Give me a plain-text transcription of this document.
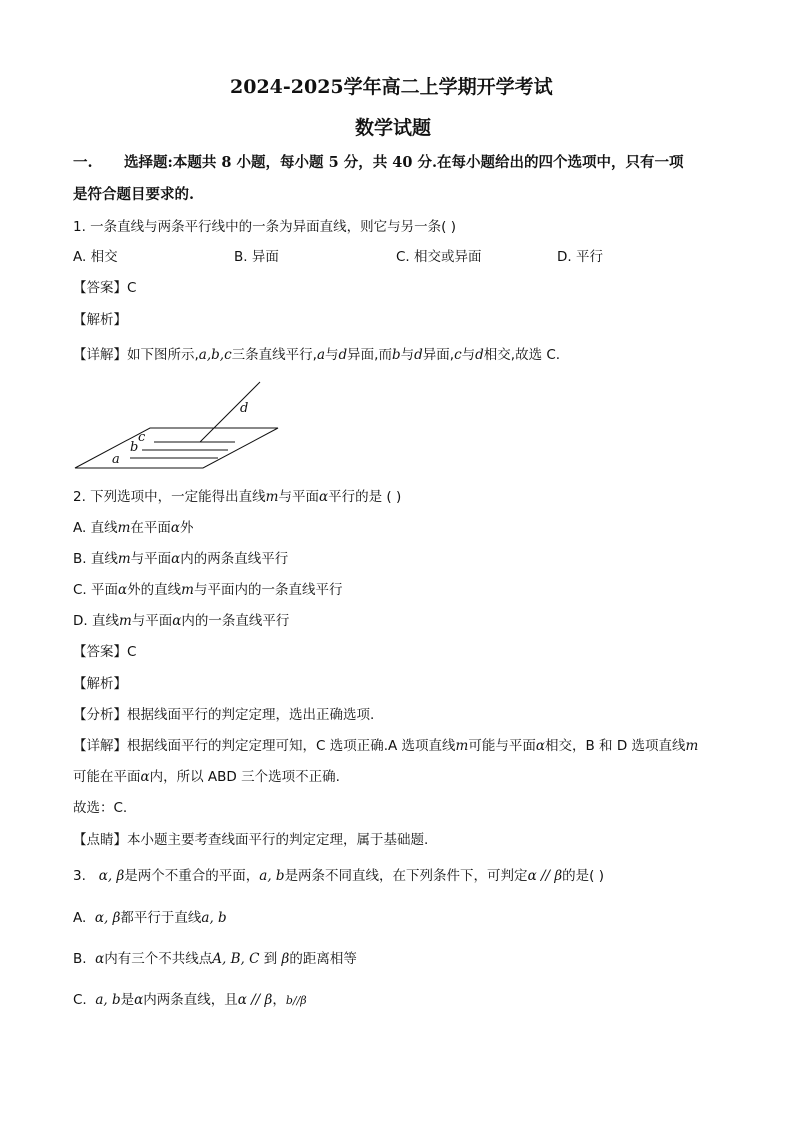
2024-2025学年高二上学期开学考试
数学试题
一. 选择题:本题共 8 小题，每小题 5 分，共 40 分.在每小题给出的四个选项中，只有一项
是符合题目要求的.
1. 一条直线与两条平行线中的一条为异面直线，则它与另一条( )
A. 相交	B. 异面	C. 相交或异面	D. 平行
【答案】C
【解析】
【详解】如下图所示,a,b,c三条直线平行,a与d异面,而b与d异面,c与d相交,故选 C.
a
b
c
d
2. 下列选项中，一定能得出直线m与平面α平行的是 ( )
A. 直线m在平面α外
B. 直线m与平面α内的两条直线平行
C. 平面α外的直线m与平面内的一条直线平行
D. 直线m与平面α内的一条直线平行
【答案】C
【解析】
【分析】根据线面平行的判定定理，选出正确选项.
【详解】根据线面平行的判定定理可知，C 选项正确.A 选项直线m可能与平面α相交，B 和 D 选项直线m
可能在平面α内，所以 ABD 三个选项不正确.
故选：C.
【点睛】本小题主要考查线面平行的判定定理，属于基础题.
3. α, β是两个不重合的平面，a, b是两条不同直线，在下列条件下，可判定α // β的是( )
A. α, β都平行于直线a, b
B. α内有三个不共线点A, B, C 到 β的距离相等
C. a, b是α内两条直线，且α // β，b//β
